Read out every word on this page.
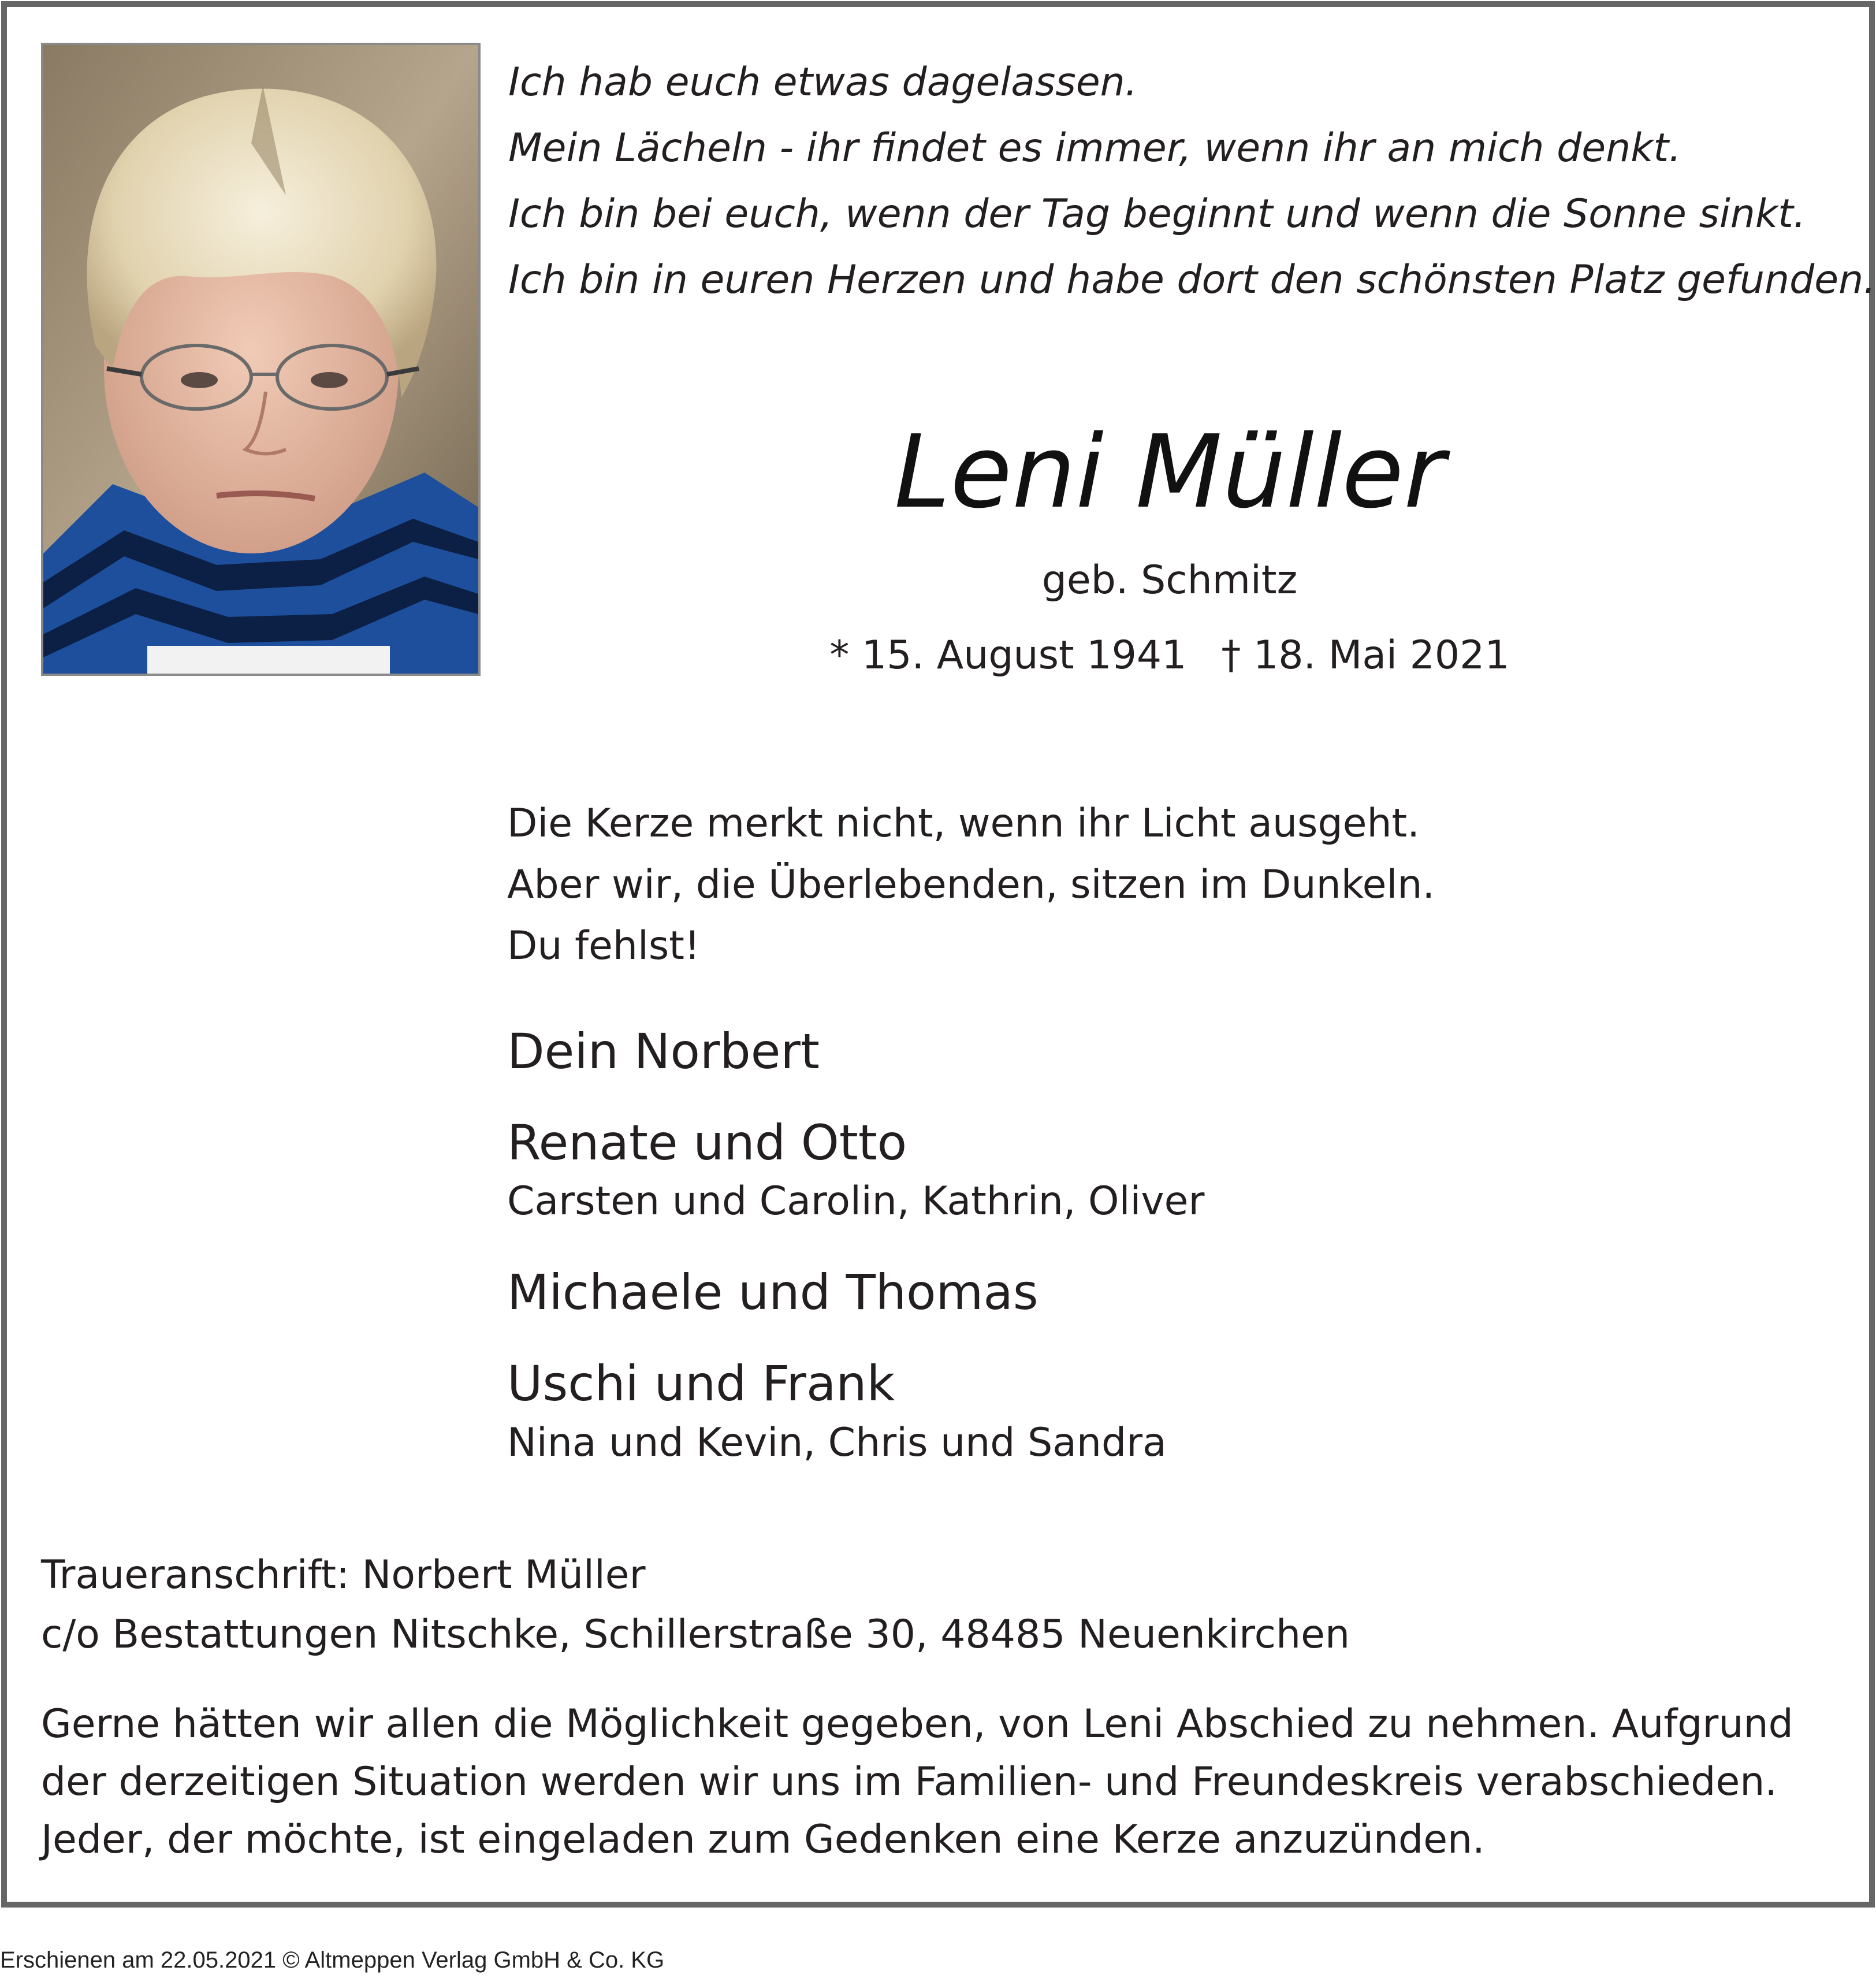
Ich hab euch etwas dagelassen.
Mein Lächeln - ihr findet es immer, wenn ihr an mich denkt.
Ich bin bei euch, wenn der Tag beginnt und wenn die Sonne sinkt.
Ich bin in euren Herzen und habe dort den schönsten Platz gefunden.
Leni Müller
geb. Schmitz
* 15. August 1941 † 18. Mai 2021
Die Kerze merkt nicht, wenn ihr Licht ausgeht.
Aber wir, die Überlebenden, sitzen im Dunkeln.
Du fehlst!
Dein Norbert
Renate und Otto
Carsten und Carolin, Kathrin, Oliver
Michaele und Thomas
Uschi und Frank
Nina und Kevin, Chris und Sandra
Traueranschrift: Norbert Müller
c/o Bestattungen Nitschke, Schillerstraße 30, 48485 Neuenkirchen
Gerne hätten wir allen die Möglichkeit gegeben, von Leni Abschied zu nehmen. Aufgrund
der derzeitigen Situation werden wir uns im Familien- und Freundeskreis verabschieden.
Jeder, der möchte, ist eingeladen zum Gedenken eine Kerze anzuzünden.
Erschienen am 22.05.2021 © Altmeppen Verlag GmbH & Co. KG
